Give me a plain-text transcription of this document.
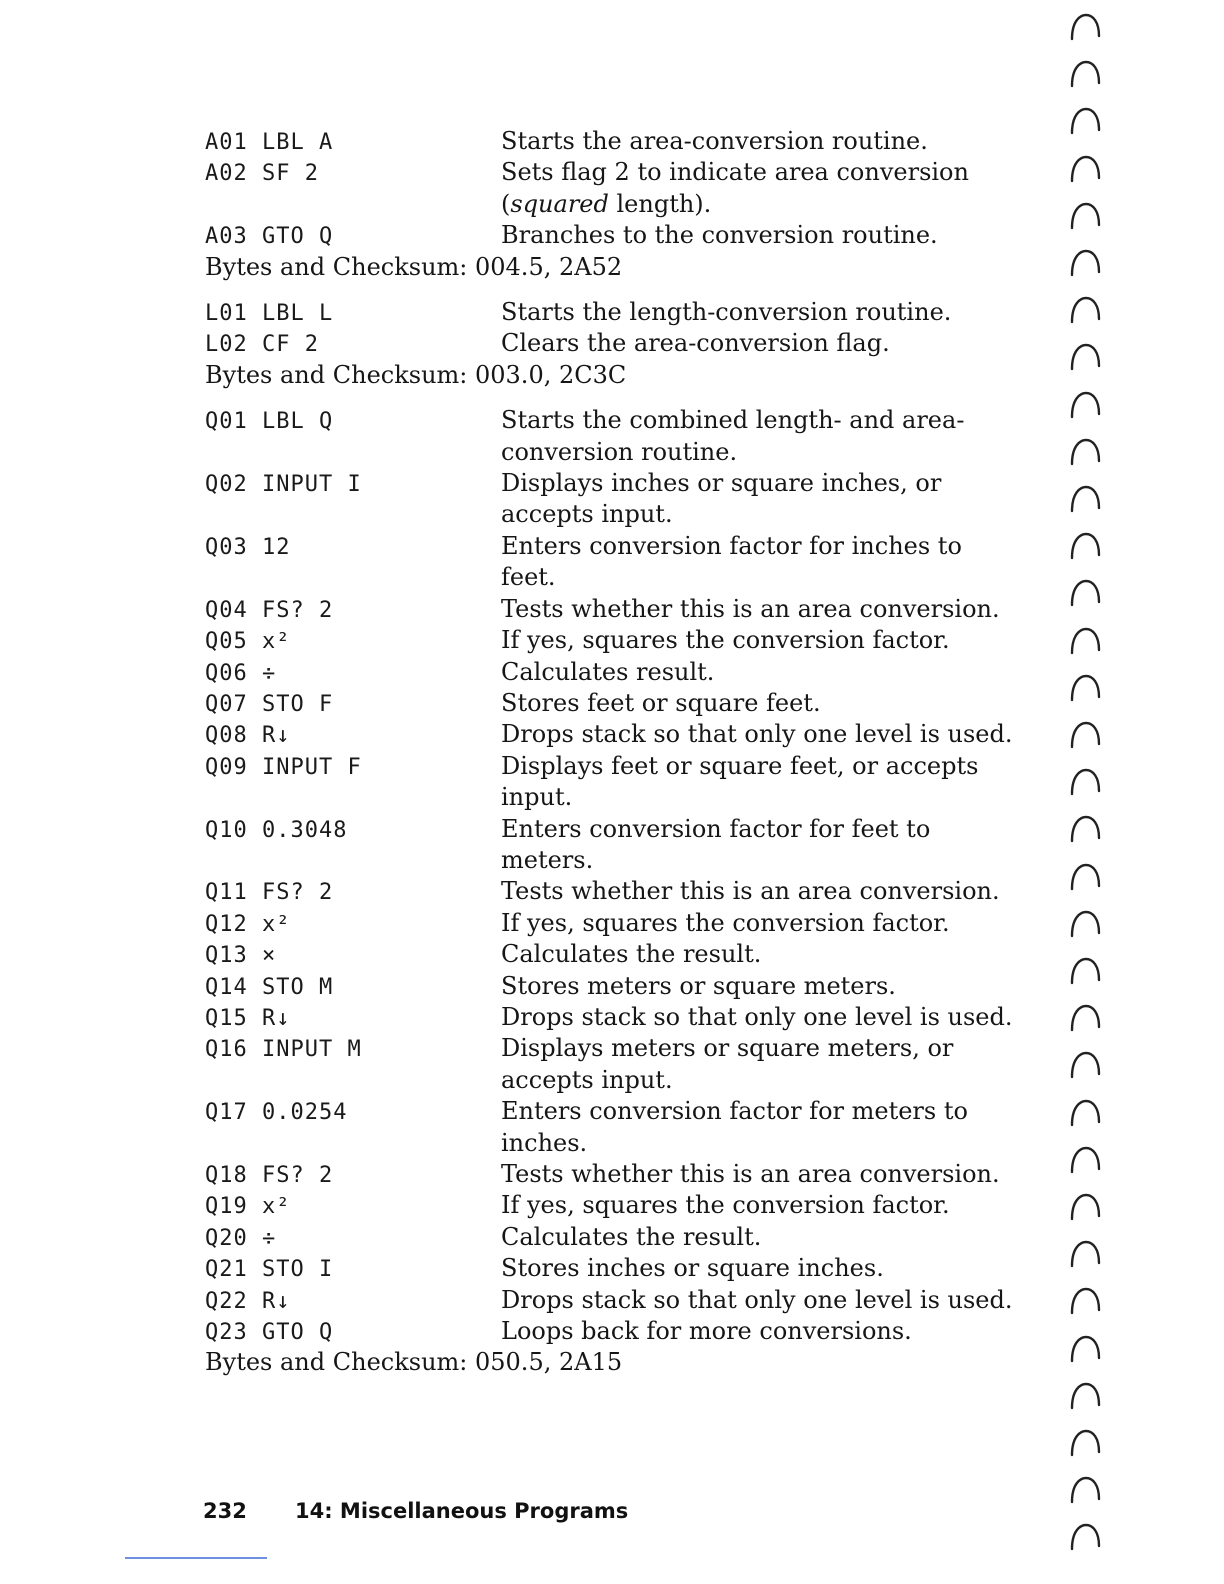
A01 LBL A	Starts the area-conversion routine.
A02 SF 2	Sets flag 2 to indicate area conversion (squared length).
A03 GTO Q	Branches to the conversion routine.
Bytes and Checksum: 004.5, 2A52
L01 LBL L	Starts the length-conversion routine.
L02 CF 2	Clears the area-conversion flag.
Bytes and Checksum: 003.0, 2C3C
Q01 LBL Q	Starts the combined length- and area-conversion routine.
Q02 INPUT I	Displays inches or square inches, or accepts input.
Q03 12	Enters conversion factor for inches to feet.
Q04 FS? 2	Tests whether this is an area conversion.
Q05 x²	If yes, squares the conversion factor.
Q06 ÷	Calculates result.
Q07 STO F	Stores feet or square feet.
Q08 R↓	Drops stack so that only one level is used.
Q09 INPUT F	Displays feet or square feet, or accepts input.
Q10 0.3048	Enters conversion factor for feet to meters.
Q11 FS? 2	Tests whether this is an area conversion.
Q12 x²	If yes, squares the conversion factor.
Q13 ×	Calculates the result.
Q14 STO M	Stores meters or square meters.
Q15 R↓	Drops stack so that only one level is used.
Q16 INPUT M	Displays meters or square meters, or accepts input.
Q17 0.0254	Enters conversion factor for meters to inches.
Q18 FS? 2	Tests whether this is an area conversion.
Q19 x²	If yes, squares the conversion factor.
Q20 ÷	Calculates the result.
Q21 STO I	Stores inches or square inches.
Q22 R↓	Drops stack so that only one level is used.
Q23 GTO Q	Loops back for more conversions.
Bytes and Checksum: 050.5, 2A15
232 14: Miscellaneous Programs
